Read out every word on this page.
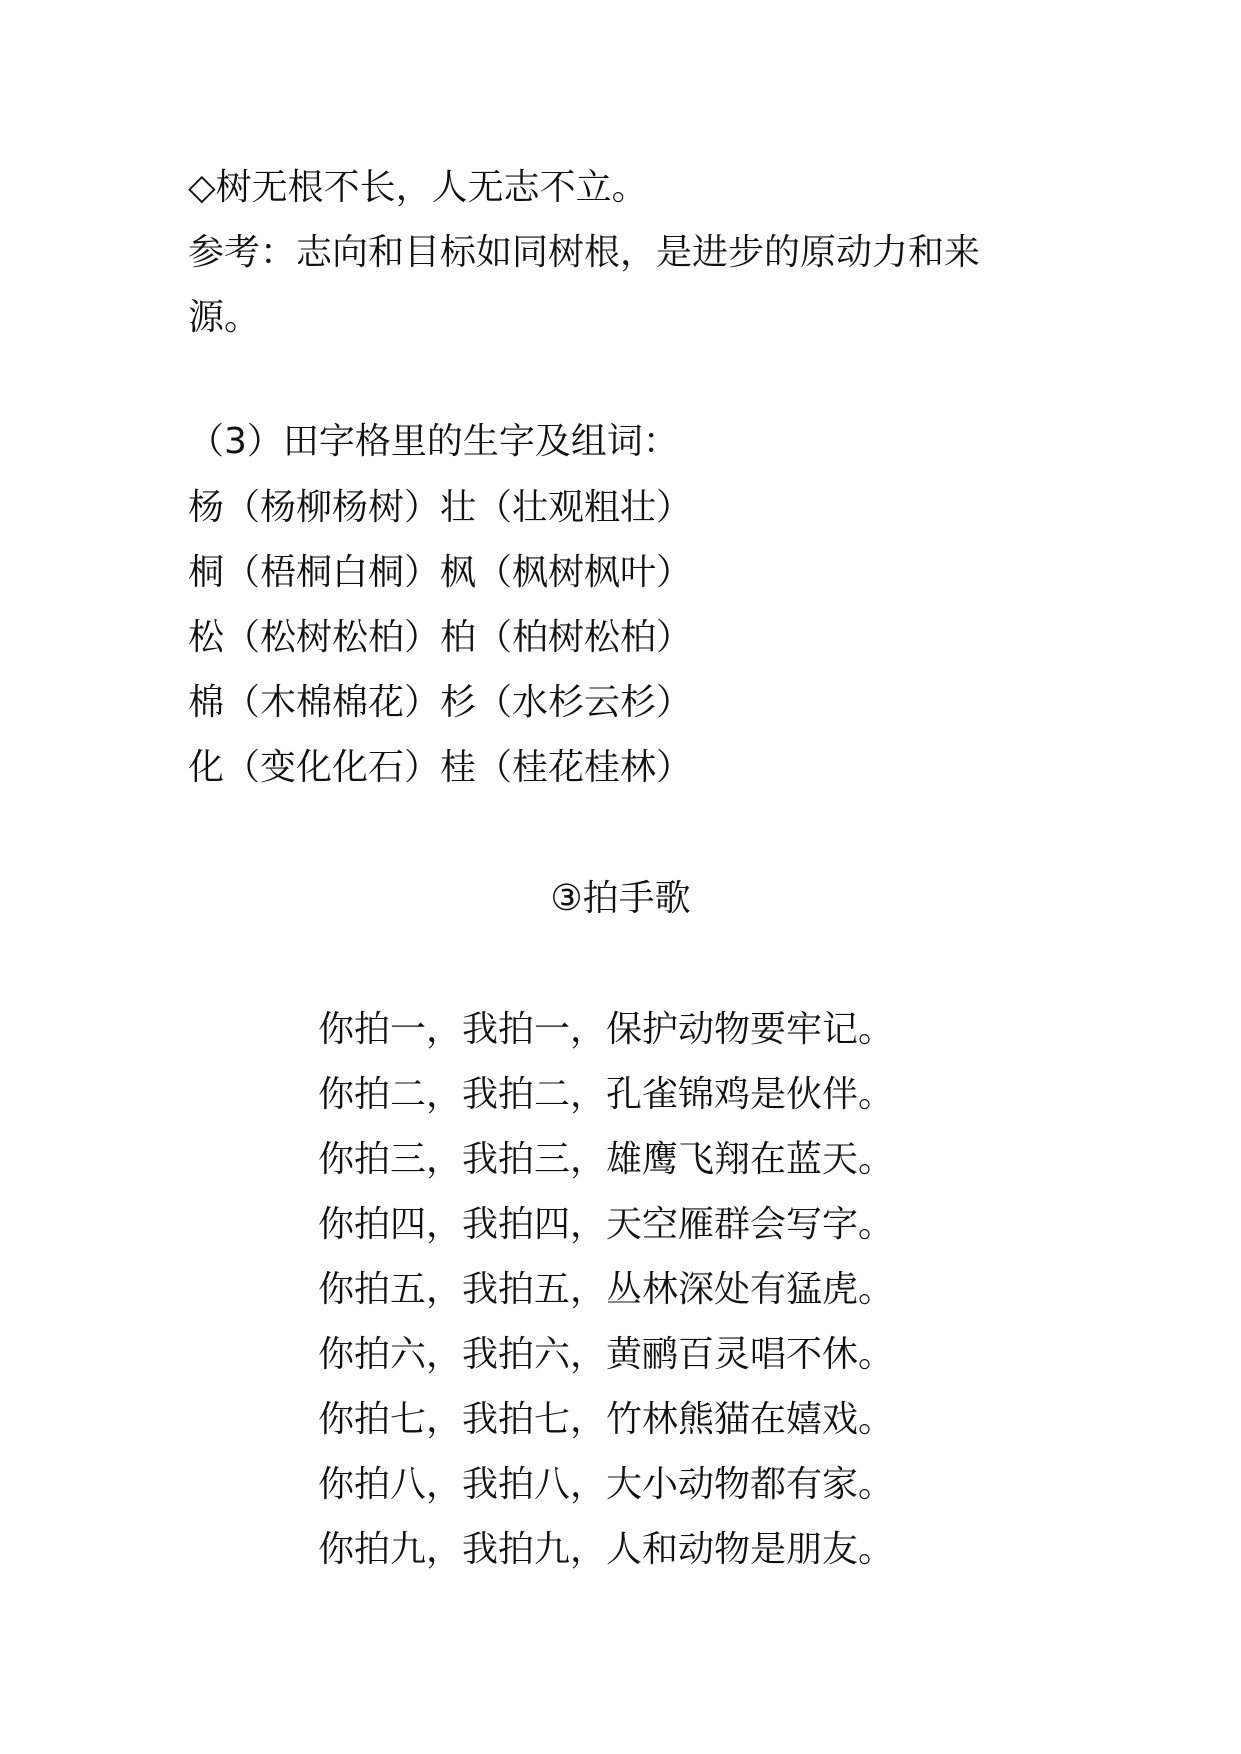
◇树无根不长，人无志不立。
参考：志向和目标如同树根，是进步的原动力和来
源。
（3）田字格里的生字及组词：
杨（杨柳杨树）壮（壮观粗壮）
桐（梧桐白桐）枫（枫树枫叶）
松（松树松柏）柏（柏树松柏）
棉（木棉棉花）杉（水杉云杉）
化（变化化石）桂（桂花桂林）
③拍手歌
你拍一，我拍一，保护动物要牢记。
你拍二，我拍二，孔雀锦鸡是伙伴。
你拍三，我拍三，雄鹰飞翔在蓝天。
你拍四，我拍四，天空雁群会写字。
你拍五，我拍五，丛林深处有猛虎。
你拍六，我拍六，黄鹂百灵唱不休。
你拍七，我拍七，竹林熊猫在嬉戏。
你拍八，我拍八，大小动物都有家。
你拍九，我拍九，人和动物是朋友。
